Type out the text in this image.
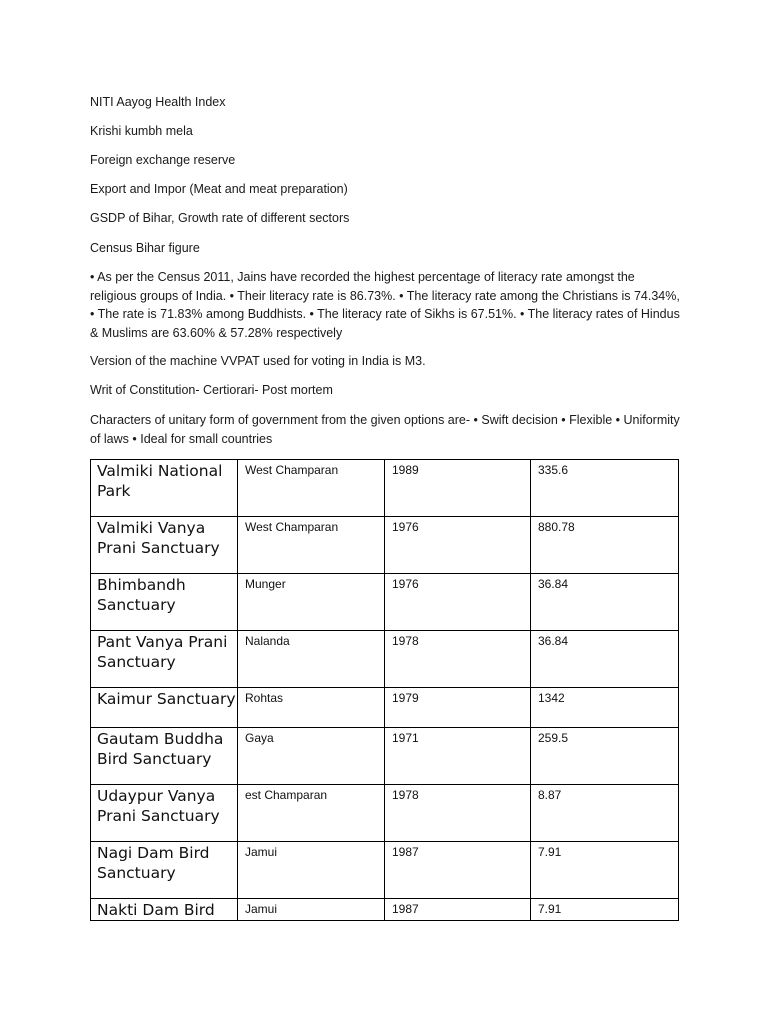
NITI Aayog Health Index

Krishi kumbh mela

Foreign exchange reserve

Export and Impor (Meat and meat preparation)

GSDP of Bihar, Growth rate of different sectors

Census Bihar figure

• As per the Census 2011, Jains have recorded the highest percentage of literacy rate amongst the religious groups of India. • Their literacy rate is 86.73%. • The literacy rate among the Christians is 74.34%, • The rate is 71.83% among Buddhists. • The literacy rate of Sikhs is 67.51%. • The literacy rates of Hindus & Muslims are 63.60% & 57.28% respectively

Version of the machine VVPAT used for voting in India is M3.

Writ of Constitution- Certiorari- Post mortem

Characters of unitary form of government from the given options are- • Swift decision • Flexible • Uniformity of laws • Ideal for small countries

Valmiki National Park	West Champaran	1989	335.6
Valmiki Vanya Prani Sanctuary	West Champaran	1976	880.78
Bhimbandh Sanctuary	Munger	1976	36.84
Pant Vanya Prani Sanctuary	Nalanda	1978	36.84
Kaimur Sanctuary	Rohtas	1979	1342
Gautam Buddha Bird Sanctuary	Gaya	1971	259.5
Udaypur Vanya Prani Sanctuary	est Champaran	1978	8.87
Nagi Dam Bird Sanctuary	Jamui	1987	7.91
Nakti Dam Bird	Jamui	1987	7.91
